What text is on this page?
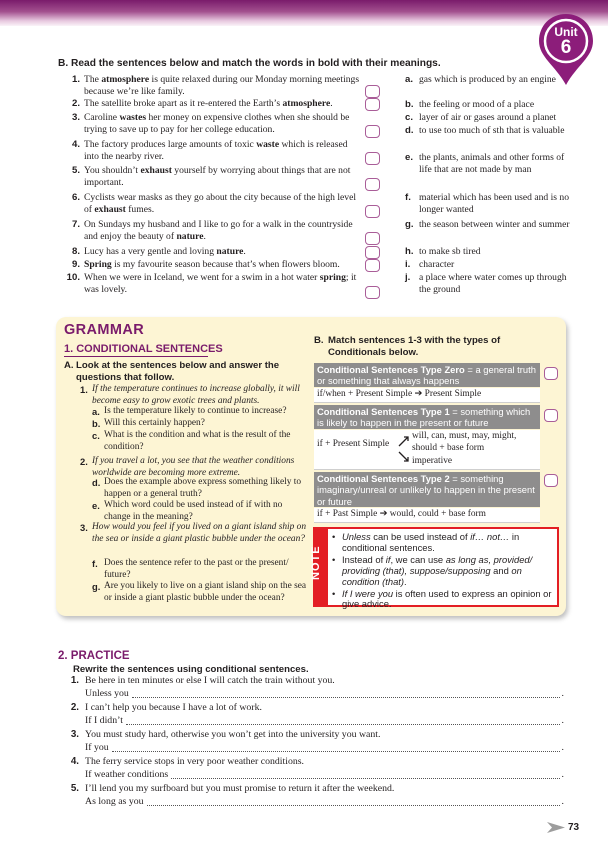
Unit
6
B. Read the sentences below and match the words in bold with their meanings.
1. The atmosphere is quite relaxed during our Monday morning meetings because we’re like family.
2. The satellite broke apart as it re-entered the Earth’s atmosphere.
3. Caroline wastes her money on expensive clothes when she should be trying to save up to pay for her college education.
4. The factory produces large amounts of toxic waste which is released into the nearby river.
5. You shouldn’t exhaust yourself by worrying about things that are not important.
6. Cyclists wear masks as they go about the city because of the high level of exhaust fumes.
7. On Sundays my husband and I like to go for a walk in the countryside and enjoy the beauty of nature.
8. Lucy has a very gentle and loving nature.
9. Spring is my favourite season because that’s when flowers bloom.
10. When we were in Iceland, we went for a swim in a hot water spring; it was lovely.
a. gas which is produced by an engine
b. the feeling or mood of a place
c. layer of air or gases around a planet
d. to use too much of sth that is valuable
e. the plants, animals and other forms of life that are not made by man
f. material which has been used and is no longer wanted
g. the season between winter and summer
h. to make sb tired
i. character
j. a place where water comes up through the ground
GRAMMAR
1. CONDITIONAL SENTENCES
A. Look at the sentences below and answer the questions that follow.
1. If the temperature continues to increase globally, it will become easy to grow exotic trees and plants.
a. Is the temperature likely to continue to increase?
b. Will this certainly happen?
c. What is the condition and what is the result of the condition?
2. If you travel a lot, you see that the weather conditions worldwide are becoming more extreme.
d. Does the example above express something likely to happen or a general truth?
e. Which word could be used instead of if with no change in the meaning?
3. How would you feel if you lived on a giant island ship on the sea or inside a giant plastic bubble under the ocean?
f. Does the sentence refer to the past or the present/ future?
g. Are you likely to live on a giant island ship on the sea or inside a giant plastic bubble under the ocean?
B. Match sentences 1-3 with the types of Conditionals below.
Conditional Sentences Type Zero = a general truth or something that always happens
if/when + Present Simple ➔ Present Simple
Conditional Sentences Type 1 = something which is likely to happen in the present or future
if + Present Simple
will, can, must, may, might,
should + base form
imperative
Conditional Sentences Type 2 = something imaginary/unreal or unlikely to happen in the present or future
if + Past Simple ➔ would, could + base form
NOTE
• Unless can be used instead of if… not… in conditional sentences.
• Instead of if, we can use as long as, provided/ providing (that), suppose/supposing and on condition (that).
• If I were you is often used to express an opinion or give advice.
2. PRACTICE
Rewrite the sentences using conditional sentences.
1. Be here in ten minutes or else I will catch the train without you.
Unless you	.
2. I can’t help you because I have a lot of work.
If I didn’t	.
3. You must study hard, otherwise you won’t get into the university you want.
If you	.
4. The ferry service stops in very poor weather conditions.
If weather conditions	.
5. I’ll lend you my surfboard but you must promise to return it after the weekend.
As long as you	.
73
